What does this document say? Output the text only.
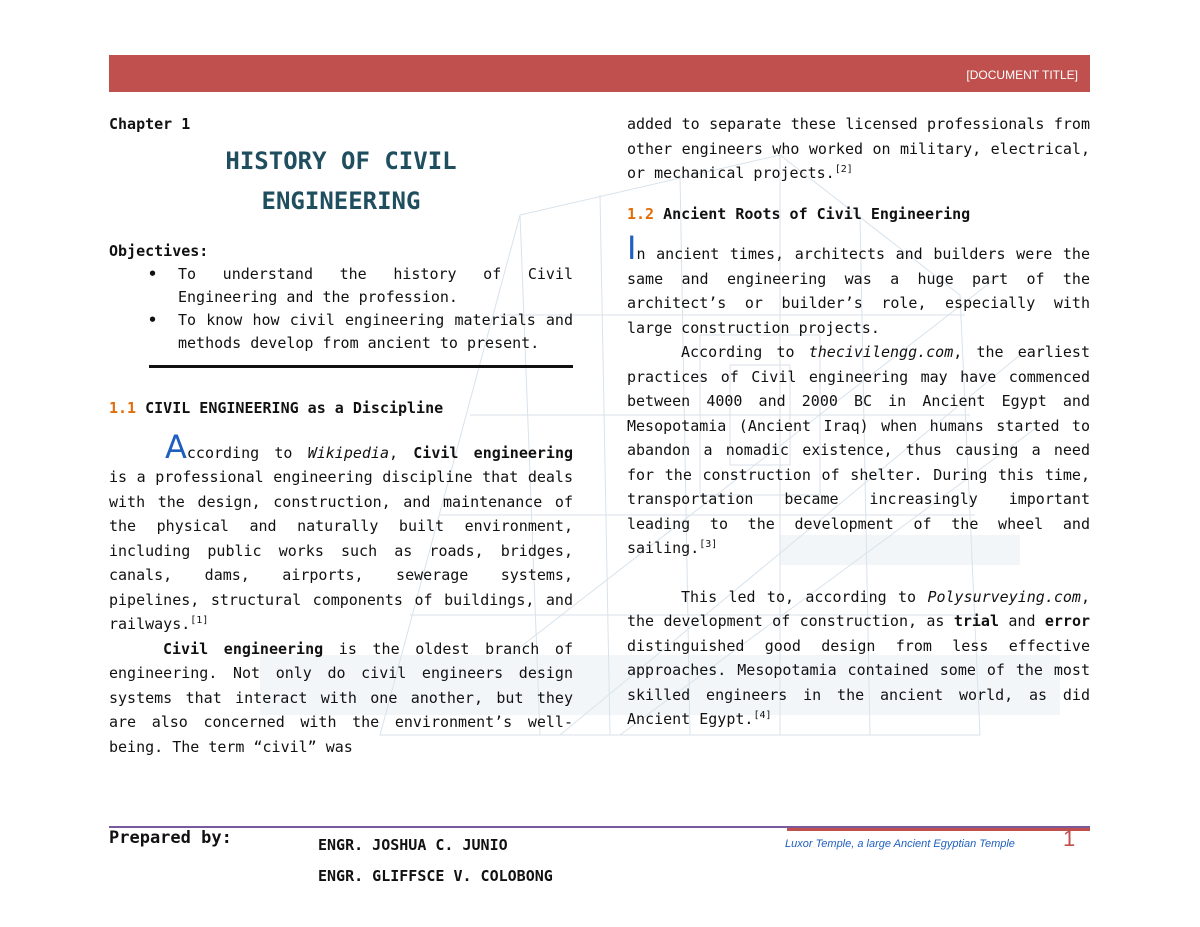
[DOCUMENT TITLE]
Chapter 1
HISTORY OF CIVIL
ENGINEERING
Objectives:
• To understand the history of Civil Engineering and the profession.
• To know how civil engineering materials and methods develop from ancient to present.
1.1 CIVIL ENGINEERING as a Discipline
According to Wikipedia, Civil engineering is a professional engineering discipline that deals with the design, construction, and maintenance of the physical and naturally built environment, including public works such as roads, bridges, canals, dams, airports, sewerage systems, pipelines, structural components of buildings, and railways.[1]
Civil engineering is the oldest branch of engineering. Not only do civil engineers design systems that interact with one another, but they are also concerned with the environment’s well-being. The term “civil” was
added to separate these licensed professionals from other engineers who worked on military, electrical, or mechanical projects.[2]
1.2 Ancient Roots of Civil Engineering
In ancient times, architects and builders were the same and engineering was a huge part of the architect’s or builder’s role, especially with large construction projects.
According to thecivilengg.com, the earliest practices of Civil engineering may have commenced between 4000 and 2000 BC in Ancient Egypt and Mesopotamia (Ancient Iraq) when humans started to abandon a nomadic existence, thus causing a need for the construction of shelter. During this time, transportation became increasingly important leading to the development of the wheel and sailing.[3]
This led to, according to Polysurveying.com, the development of construction, as trial and error distinguished good design from less effective approaches. Mesopotamia contained some of the most skilled engineers in the ancient world, as did Ancient Egypt.[4]
1
Prepared by:	ENGR. JOSHUA C. JUNIO
ENGR. GLIFFSCE V. COLOBONG
Luxor Temple, a large Ancient Egyptian Temple
